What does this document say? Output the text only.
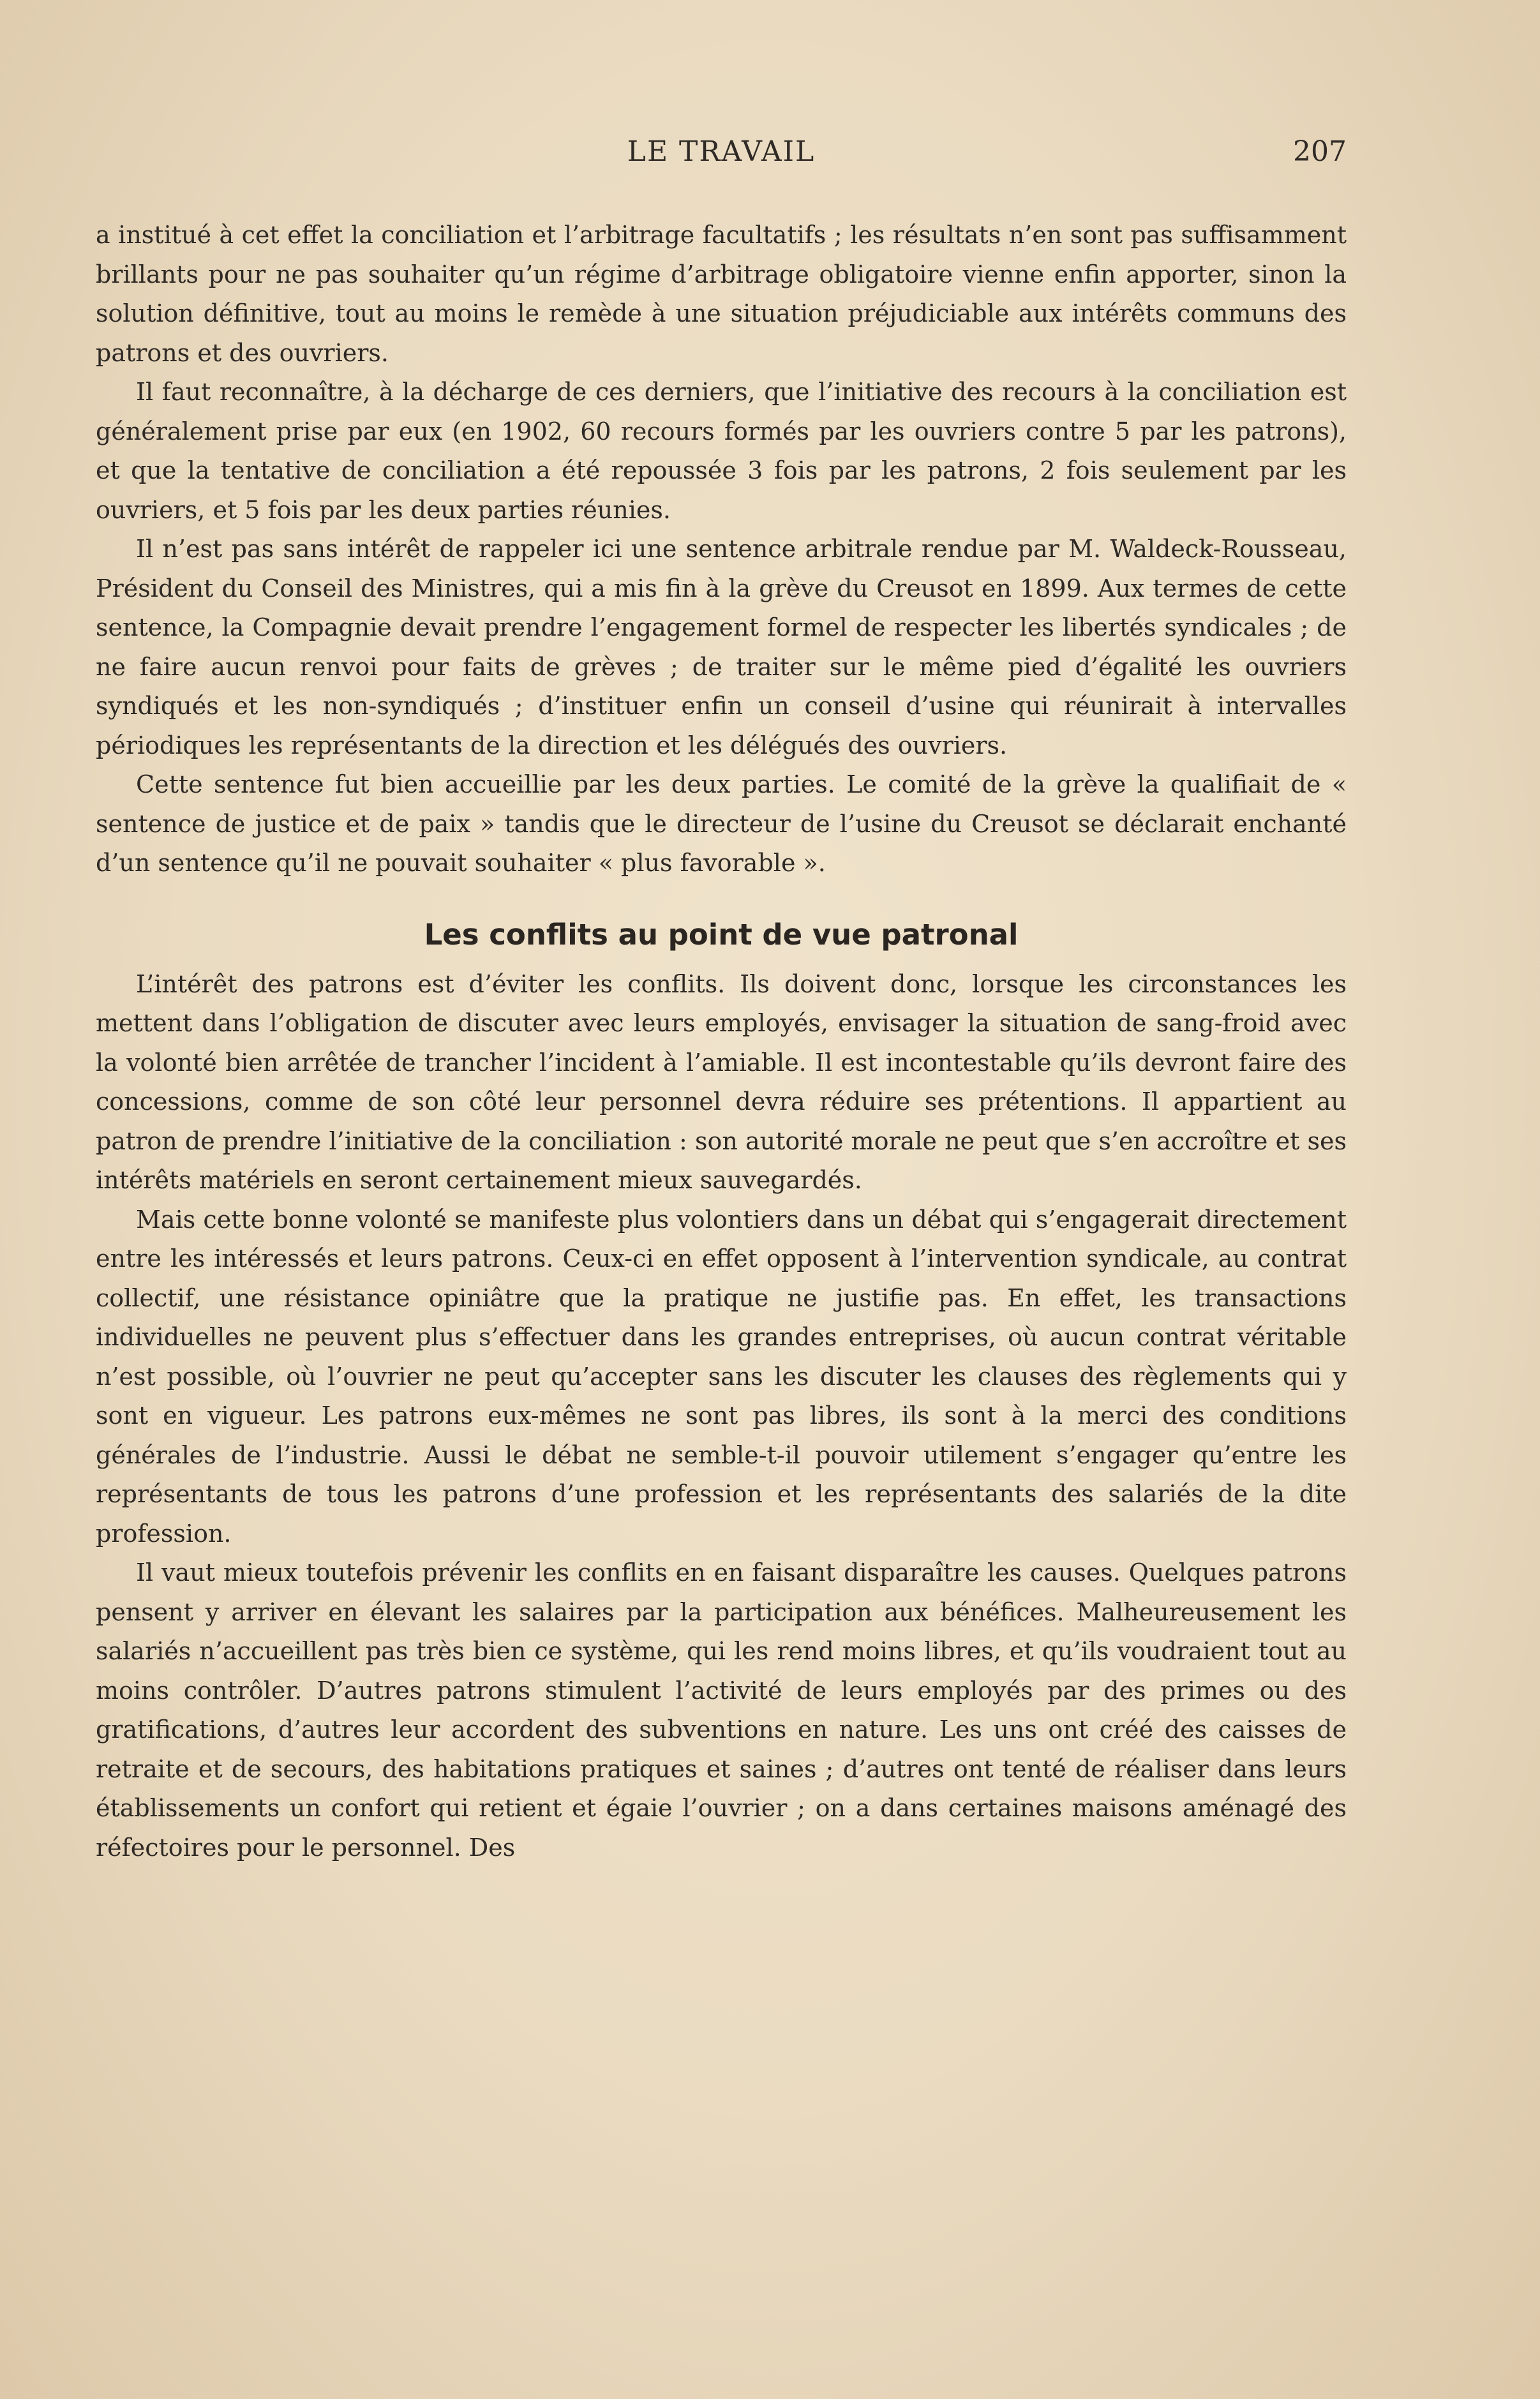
LE TRAVAIL	207

a institué à cet effet la conciliation et l’arbitrage facultatifs ; les résultats n’en sont pas suffisamment brillants pour ne pas souhaiter qu’un régime d’arbitrage obligatoire vienne enfin apporter, sinon la solution définitive, tout au moins le remède à une situation préjudiciable aux intérêts communs des patrons et des ouvriers.

Il faut reconnaître, à la décharge de ces derniers, que l’initiative des recours à la conciliation est généralement prise par eux (en 1902, 60 recours formés par les ouvriers contre 5 par les patrons), et que la tentative de conciliation a été repoussée 3 fois par les patrons, 2 fois seulement par les ouvriers, et 5 fois par les deux parties réunies.

Il n’est pas sans intérêt de rappeler ici une sentence arbitrale rendue par M. Waldeck-Rousseau, Président du Conseil des Ministres, qui a mis fin à la grève du Creusot en 1899. Aux termes de cette sentence, la Compagnie devait prendre l’engagement formel de respecter les libertés syndicales ; de ne faire aucun renvoi pour faits de grèves ; de traiter sur le même pied d’égalité les ouvriers syndiqués et les non-syndiqués ; d’instituer enfin un conseil d’usine qui réunirait à intervalles périodiques les représentants de la direction et les délégués des ouvriers.

Cette sentence fut bien accueillie par les deux parties. Le comité de la grève la qualifiait de « sentence de justice et de paix » tandis que le directeur de l’usine du Creusot se déclarait enchanté d’un sentence qu’il ne pouvait souhaiter « plus favorable ».

Les conflits au point de vue patronal

L’intérêt des patrons est d’éviter les conflits. Ils doivent donc, lorsque les circonstances les mettent dans l’obligation de discuter avec leurs employés, envisager la situation de sang-froid avec la volonté bien arrêtée de trancher l’incident à l’amiable. Il est incontestable qu’ils devront faire des concessions, comme de son côté leur personnel devra réduire ses prétentions. Il appartient au patron de prendre l’initiative de la conciliation : son autorité morale ne peut que s’en accroître et ses intérêts matériels en seront certainement mieux sauvegardés.

Mais cette bonne volonté se manifeste plus volontiers dans un débat qui s’engagerait directement entre les intéressés et leurs patrons. Ceux-ci en effet opposent à l’intervention syndicale, au contrat collectif, une résistance opiniâtre que la pratique ne justifie pas. En effet, les transactions individuelles ne peuvent plus s’effectuer dans les grandes entreprises, où aucun contrat véritable n’est possible, où l’ouvrier ne peut qu’accepter sans les discuter les clauses des règlements qui y sont en vigueur. Les patrons eux-mêmes ne sont pas libres, ils sont à la merci des conditions générales de l’industrie. Aussi le débat ne semble-t-il pouvoir utilement s’engager qu’entre les représentants de tous les patrons d’une profession et les représentants des salariés de la dite profession.

Il vaut mieux toutefois prévenir les conflits en en faisant disparaître les causes. Quelques patrons pensent y arriver en élevant les salaires par la participation aux bénéfices. Malheureusement les salariés n’accueillent pas très bien ce système, qui les rend moins libres, et qu’ils voudraient tout au moins contrôler. D’autres patrons stimulent l’activité de leurs employés par des primes ou des gratifications, d’autres leur accordent des subventions en nature. Les uns ont créé des caisses de retraite et de secours, des habitations pratiques et saines ; d’autres ont tenté de réaliser dans leurs établissements un confort qui retient et égaie l’ouvrier ; on a dans certaines maisons aménagé des réfectoires pour le personnel. Des
